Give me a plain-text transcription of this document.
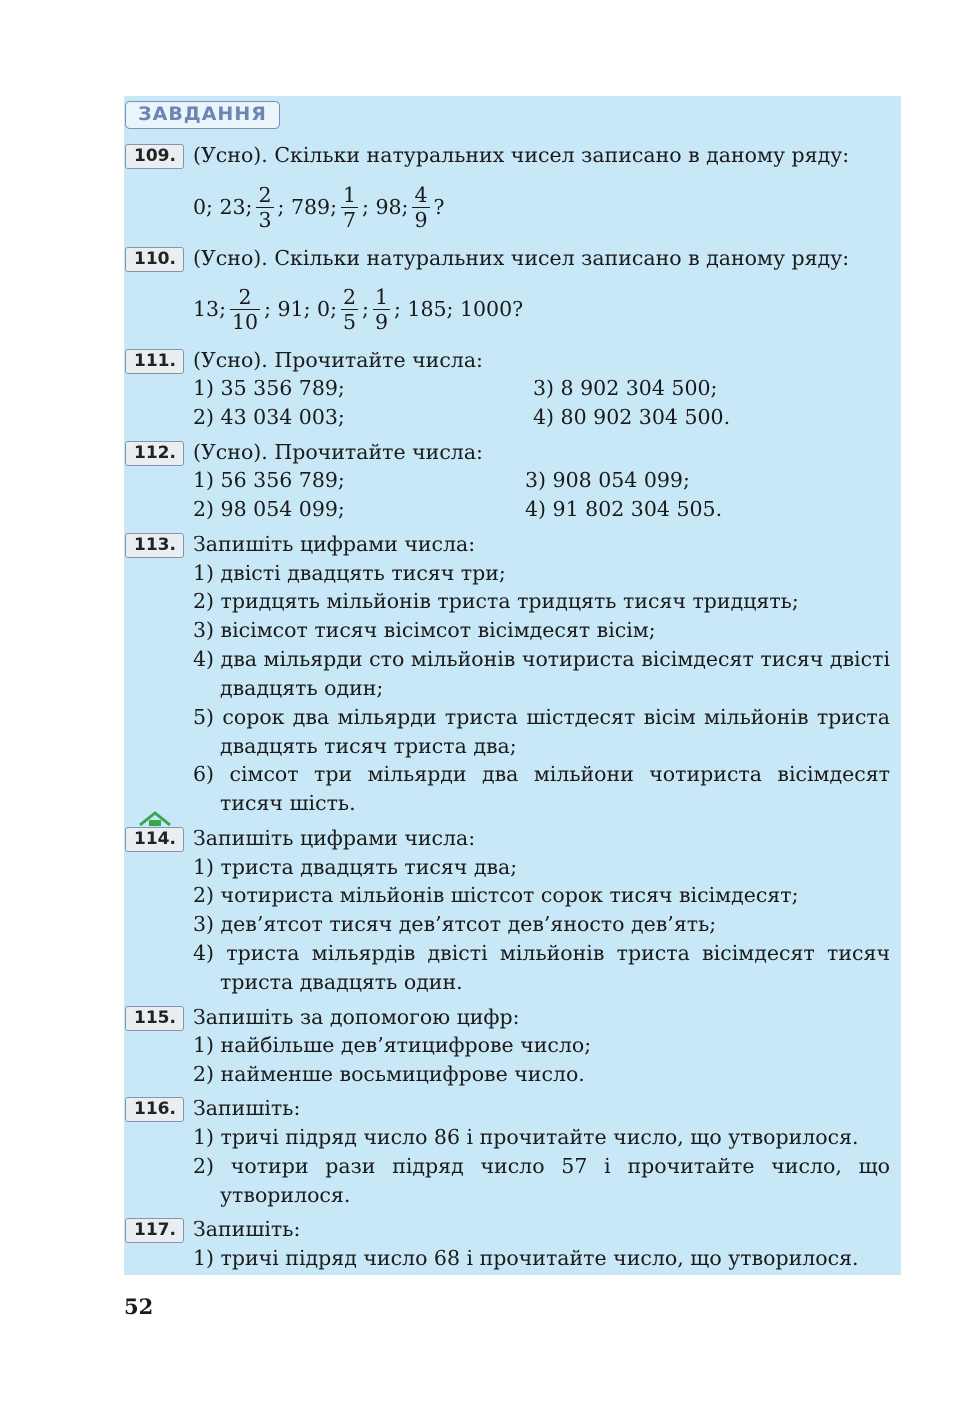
ЗАВДАННЯ
109. (Усно). Скільки натуральних чисел записано в даному ряду:
0; 23; $\frac{2}{3}$ ; 789; $\frac{1}{7}$ ; 98; $\frac{4}{9}$ ?
110. (Усно). Скільки натуральних чисел записано в даному ряду:
13; $\frac{2}{10}$ ; 91; 0; $\frac{2}{5}$ ; $\frac{1}{9}$ ; 185; 1000?
111. (Усно). Прочитайте числа:
1) 35 356 789;
2) 43 034 003;
3) 8 902 304 500;
4) 80 902 304 500.
112. (Усно). Прочитайте числа:
1) 56 356 789;
2) 98 054 099;
3) 908 054 099;
4) 91 802 304 505.
113. Запишіть цифрами числа:
1) двісті двадцять тисяч три;
2) тридцять мільйонів триста тридцять тисяч тридцять;
3) вісімсот тисяч вісімсот вісімдесят вісім;
4) два мільярди сто мільйонів чотириста вісімдесят тисяч двісті двадцять один;
5) сорок два мільярди триста шістдесят вісім мільйонів триста двадцять тисяч триста два;
6) сімсот три мільярди два мільйони чотириста вісімдесят тисяч шість.
114. Запишіть цифрами числа:
1) триста двадцять тисяч два;
2) чотириста мільйонів шістсот сорок тисяч вісімдесят;
3) дев’ятсот тисяч дев’ятсот дев’яносто дев’ять;
4) триста мільярдів двісті мільйонів триста вісімдесят тисяч триста двадцять один.
115. Запишіть за допомогою цифр:
1) найбільше дев’ятицифрове число;
2) найменше восьмицифрове число.
116. Запишіть:
1) тричі підряд число 86 і прочитайте число, що утворилося.
2) чотири рази підряд число 57 і прочитайте число, що утворилося.
117. Запишіть:
1) тричі підряд число 68 і прочитайте число, що утворилося.
52
